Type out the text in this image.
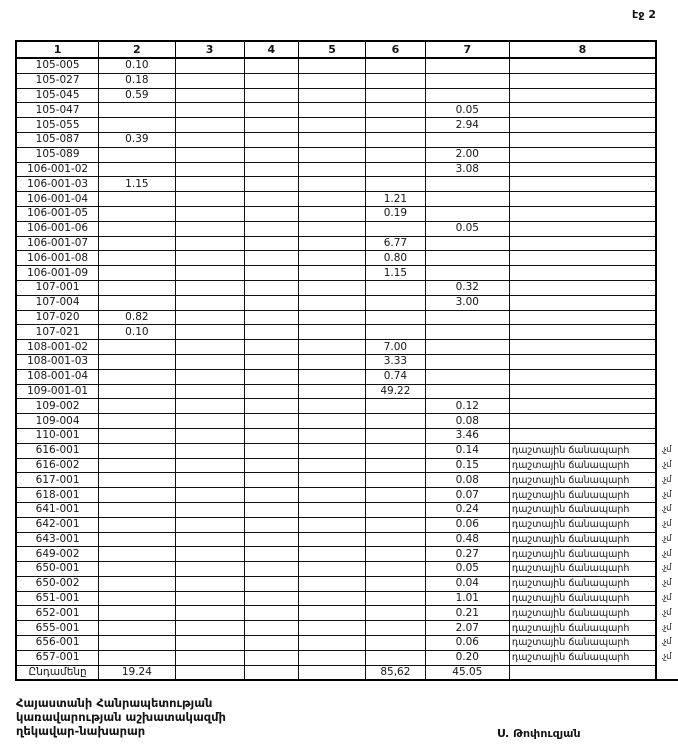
էջ 2
1	2	3	4	5	6	7	8	
105-005	0.10							
105-027	0.18							
105-045	0.59							
105-047						0.05		
105-055						2.94		
105-087	0.39							
105-089						2.00		
106-001-02						3.08		
106-001-03	1.15							
106-001-04					1.21			
106-001-05					0.19			
106-001-06						0.05		
106-001-07					6.77			
106-001-08					0.80			
106-001-09					1.15			
107-001						0.32		
107-004						3.00		
107-020	0.82							
107-021	0.10							
108-001-02					7.00			
108-001-03					3.33			
108-001-04					0.74			
109-001-01					49.22			
109-002						0.12		
109-004						0.08		
110-001						3.46		
616-001						0.14	դաշտային ճանապարհ	.չմ
616-002						0.15	դաշտային ճանապարհ	.չմ
617-001						0.08	դաշտային ճանապարհ	.չմ
618-001						0.07	դաշտային ճանապարհ	.չմ
641-001						0.24	դաշտային ճանապարհ	.չմ
642-001						0.06	դաշտային ճանապարհ	.չմ
643-001						0.48	դաշտային ճանապարհ	.չմ
649-002						0.27	դաշտային ճանապարհ	.չմ
650-001						0.05	դաշտային ճանապարհ	.չմ
650-002						0.04	դաշտային ճանապարհ	.չմ
651-001						1.01	դաշտային ճանապարհ	.չմ
652-001						0.21	դաշտային ճանապարհ	.չմ
655-001						2.07	դաշտային ճանապարհ	.չմ
656-001						0.06	դաշտային ճանապարհ	.չմ
657-001						0.20	դաշտային ճանապարհ	.չմ
Ընդամենը	19.24				85,62	45.05		
Հայաստանի Հանրապետության
կառավարության աշխատակազմի
ղեկավար-նախարար	Ս. Թոփուզյան
